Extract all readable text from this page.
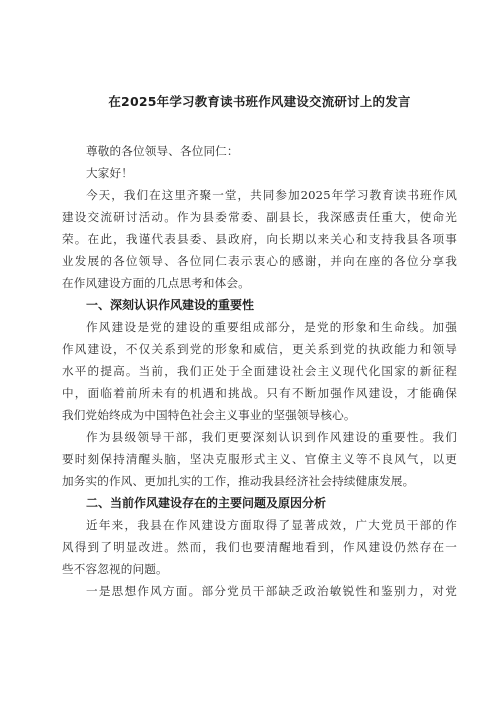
在2025年学习教育读书班作风建设交流研讨上的发言
尊敬的各位领导、各位同仁：
大家好！
今天，我们在这里齐聚一堂，共同参加2025年学习教育读书班作风
建设交流研讨活动。作为县委常委、副县长，我深感责任重大，使命光
荣。在此，我谨代表县委、县政府，向长期以来关心和支持我县各项事
业发展的各位领导、各位同仁表示衷心的感谢，并向在座的各位分享我
在作风建设方面的几点思考和体会。
一、深刻认识作风建设的重要性
作风建设是党的建设的重要组成部分，是党的形象和生命线。加强
作风建设，不仅关系到党的形象和威信，更关系到党的执政能力和领导
水平的提高。当前，我们正处于全面建设社会主义现代化国家的新征程
中，面临着前所未有的机遇和挑战。只有不断加强作风建设，才能确保
我们党始终成为中国特色社会主义事业的坚强领导核心。
作为县级领导干部，我们更要深刻认识到作风建设的重要性。我们
要时刻保持清醒头脑，坚决克服形式主义、官僚主义等不良风气，以更
加务实的作风、更加扎实的工作，推动我县经济社会持续健康发展。
二、当前作风建设存在的主要问题及原因分析
近年来，我县在作风建设方面取得了显著成效，广大党员干部的作
风得到了明显改进。然而，我们也要清醒地看到，作风建设仍然存在一
些不容忽视的问题。
一是思想作风方面。部分党员干部缺乏政治敏锐性和鉴别力，对党
